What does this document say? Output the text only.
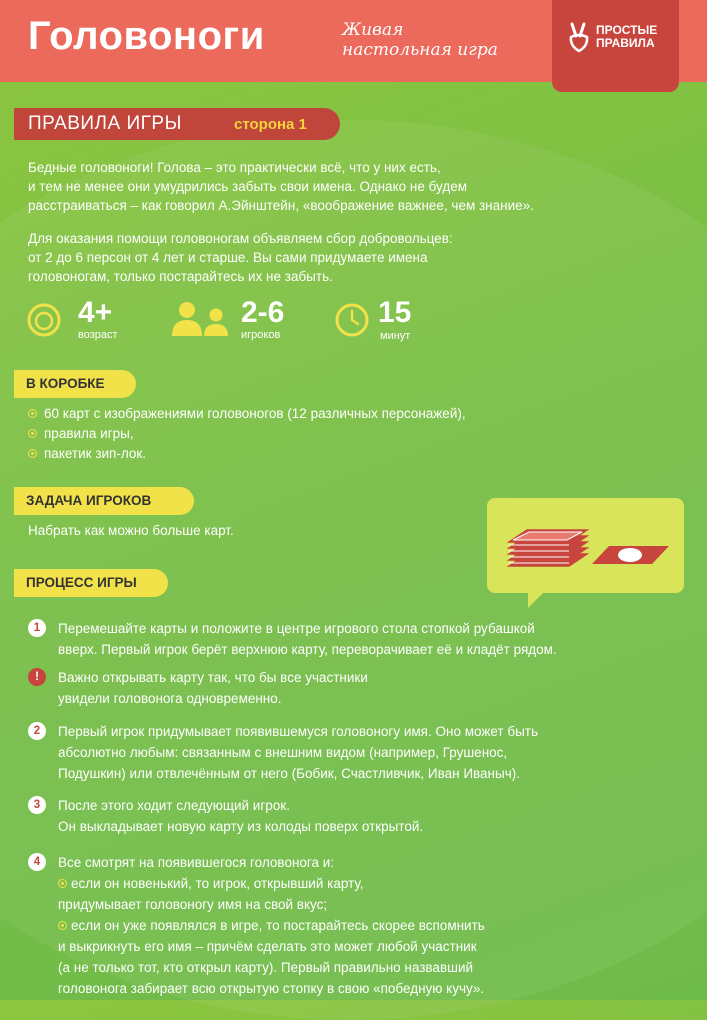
Головоноги	Живая
настольная игра
ПРОСТЫЕ
ПРАВИЛА
ПРАВИЛА ИГРЫ	сторона 1
Бедные головоноги! Голова – это практически всё, что у них есть,
и тем не менее они умудрились забыть свои имена. Однако не будем
расстраиваться – как говорил А.Эйнштейн, «воображение важнее, чем знание».
Для оказания помощи головоногам объявляем сбор добровольцев:
от 2 до 6 персон от 4 лет и старше. Вы сами придумаете имена
головоногам, только постарайтесь их не забыть.
4+
возраст
2-6
игроков
15
минут
В КОРОБКЕ
60 карт с изображениями головоногов (12 различных персонажей),
правила игры,
пакетик зип-лок.
ЗАДАЧА ИГРОКОВ
Набрать как можно больше карт.
ПРОЦЕСС ИГРЫ
1	Перемешайте карты и положите в центре игрового стола стопкой рубашкой
вверх. Первый игрок берёт верхнюю карту, переворачивает её и кладёт рядом.
!	Важно открывать карту так, что бы все участники
увидели головонога одновременно.
2	Первый игрок придумывает появившемуся головоногу имя. Оно может быть
абсолютно любым: связанным с внешним видом (например, Грушенос,
Подушкин) или отвлечённым от него (Бобик, Счастливчик, Иван Иваныч).
3	После этого ходит следующий игрок.
Он выкладывает новую карту из колоды поверх открытой.
4	Все смотрят на появившегося головонога и:
если он новенький, то игрок, открывший карту,
придумывает головоногу имя на свой вкус;
если он уже появлялся в игре, то постарайтесь скорее вспомнить
и выкрикнуть его имя – причём сделать это может любой участник
(а не только тот, кто открыл карту). Первый правильно назвавший
головонога забирает всю открытую стопку в свою «победную кучу».
